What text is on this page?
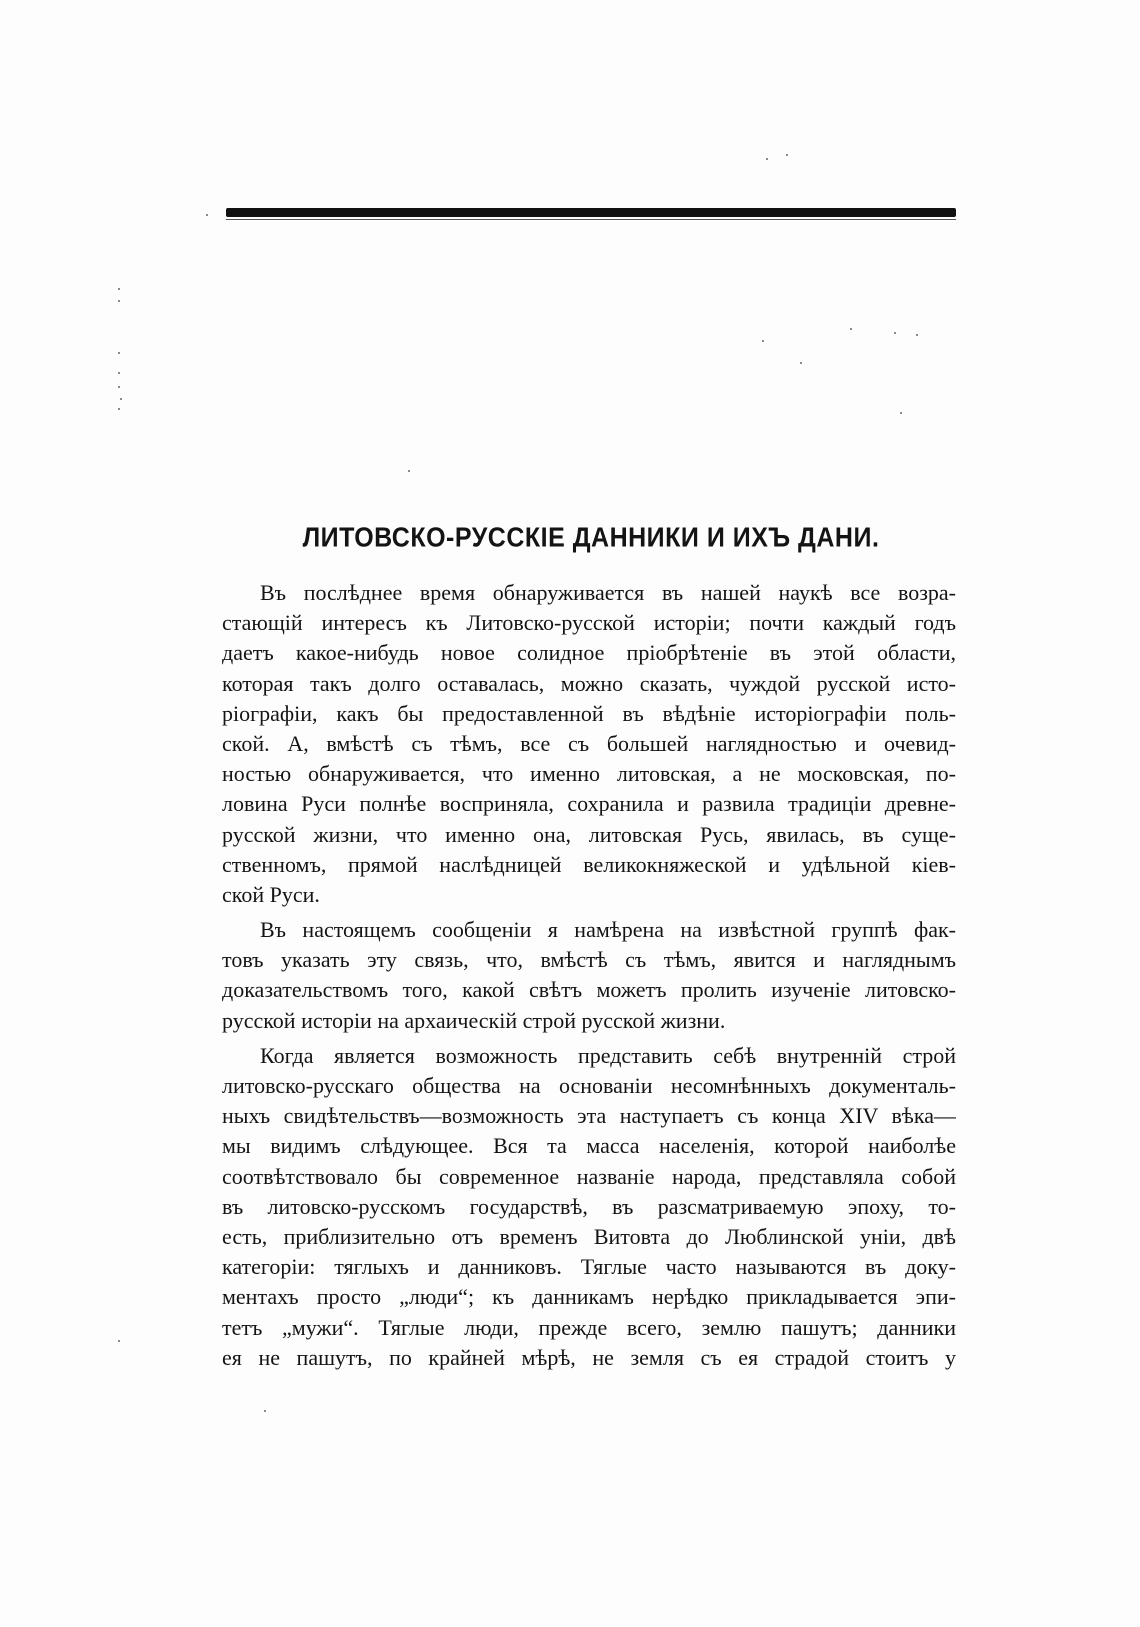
ЛИТОВСКО-РУССКІЕ ДАННИКИ И ИХЪ ДАНИ.
Въ послѣднее время обнаруживается въ нашей наукѣ все возра-
стающій интересъ къ Литовско-русской исторіи; почти каждый годъ
даетъ какое-нибудь новое солидное пріобрѣтеніе въ этой области,
которая такъ долго оставалась, можно сказать, чуждой русской исто-
ріографіи, какъ бы предоставленной въ вѣдѣніе исторіографіи поль-
ской. А, вмѣстѣ съ тѣмъ, все съ большей наглядностью и очевид-
ностью обнаруживается, что именно литовская, а не московская, по-
ловина Руси полнѣе восприняла, сохранила и развила традиціи древне-
русской жизни, что именно она, литовская Русь, явилась, въ суще-
ственномъ, прямой наслѣдницей великокняжеской и удѣльной кіев-
ской Руси.
Въ настоящемъ сообщеніи я намѣрена на извѣстной группѣ фак-
товъ указать эту связь, что, вмѣстѣ съ тѣмъ, явится и нагляднымъ
доказательствомъ того, какой свѣтъ можетъ пролить изученіе литовско-
русской исторіи на архаическій строй русской жизни.
Когда является возможность представить себѣ внутренній строй
литовско-русскаго общества на основаніи несомнѣнныхъ документаль-
ныхъ свидѣтельствъ—возможность эта наступаетъ съ конца XIV вѣка—
мы видимъ слѣдующее. Вся та масса населенія, которой наиболѣе
соотвѣтствовало бы современное названіе народа, представляла собой
въ литовско-русскомъ государствѣ, въ разсматриваемую эпоху, то-
есть, приблизительно отъ временъ Витовта до Люблинской уніи, двѣ
категоріи: тяглыхъ и данниковъ. Тяглые часто называются въ доку-
ментахъ просто „люди“; къ данникамъ нерѣдко прикладывается эпи-
тетъ „мужи“. Тяглые люди, прежде всего, землю пашутъ; данники
ея не пашутъ, по крайней мѣрѣ, не земля съ ея страдой стоитъ у
